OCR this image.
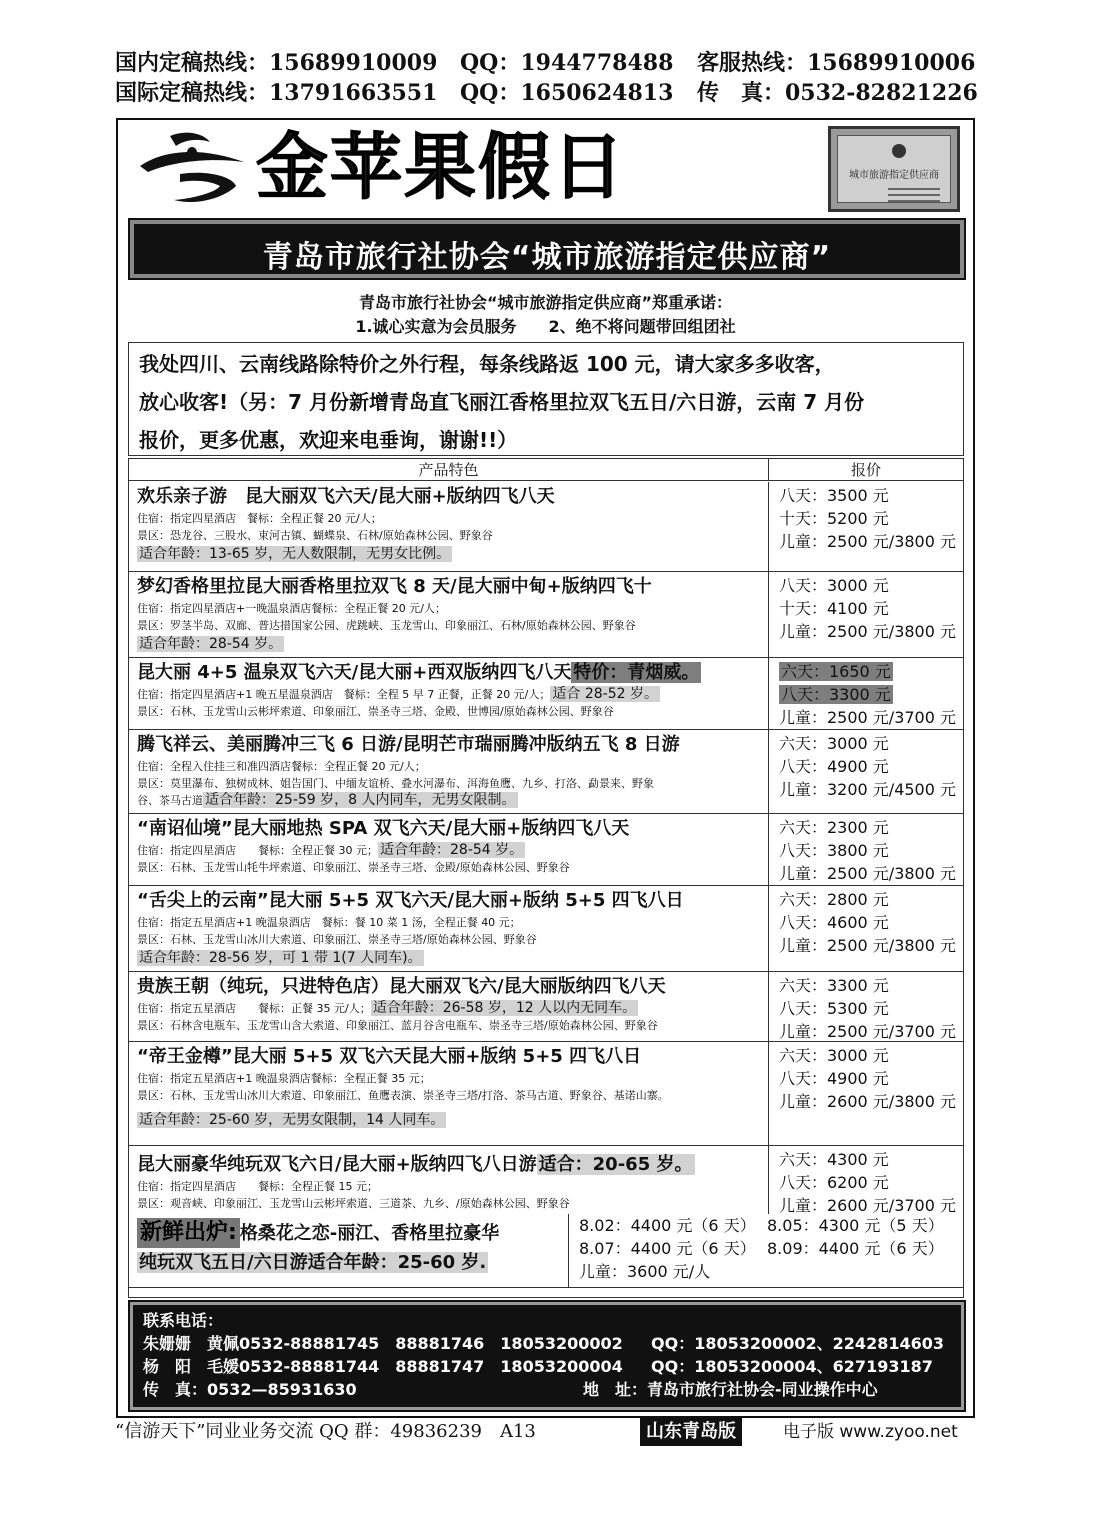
国内定稿热线：15689910009 QQ：1944778488 客服热线：15689910006
国际定稿热线：13791663551 QQ：1650624813 传　真：0532-82821226
金苹果假日	城市旅游指定供应商
青岛市旅行社协会“城市旅游指定供应商”
青岛市旅行社协会“城市旅游指定供应商”郑重承诺：
1.诚心实意为会员服务　　2、绝不将问题带回组团社
我处四川、云南线路除特价之外行程，每条线路返 100 元，请大家多多收客，
放心收客!（另：7 月份新增青岛直飞丽江香格里拉双飞五日/六日游，云南 7 月份
报价，更多优惠，欢迎来电垂询，谢谢!!）
产品特色	报价
欢乐亲子游　昆大丽双飞六天/昆大丽+版纳四飞八天
住宿：指定四星酒店　餐标：全程正餐 20 元/人；
景区：恐龙谷、三股水、束河古镇、蝴蝶泉、石林/原始森林公园、野象谷
适合年龄：13-65 岁，无人数限制，无男女比例。
八天：3500 元
十天：5200 元
儿童：2500 元/3800 元
梦幻香格里拉昆大丽香格里拉双飞 8 天/昆大丽中甸+版纳四飞十
住宿：指定四星酒店+一晚温泉酒店餐标：全程正餐 20 元/人；
景区：罗茎半岛、双廊、普达措国家公园、虎跳峡、玉龙雪山、印象丽江、石林/原始森林公园、野象谷
适合年龄：28-54 岁。
八天：3000 元
十天：4100 元
儿童：2500 元/3800 元
昆大丽 4+5 温泉双飞六天/昆大丽+西双版纳四飞八天 特价：青烟威。
住宿：指定四星酒店+1 晚五星温泉酒店　餐标：全程 5 早 7 正餐，正餐 20 元/人； 适合 28-52 岁。
景区：石林、玉龙雪山云彬坪索道、印象丽江、崇圣寺三塔、金殿、世博园/原始森林公园、野象谷
六天：1650 元
八天：3300 元
儿童：2500 元/3700 元
腾飞祥云、美丽腾冲三飞 6 日游/昆明芒市瑞丽腾冲版纳五飞 8 日游
住宿：全程入住挂三和准四酒店餐标：全程正餐 20 元/人；
景区：莫里瀑布、独树成林、姐告国门、中缅友谊桥、叠水河瀑布、洱海鱼鹰、九乡、打洛、勐景来、野象
谷、茶马古道 适合年龄：25-59 岁，8 人内同车，无男女限制。
六天：3000 元
八天：4900 元
儿童：3200 元/4500 元
“南诏仙境”昆大丽地热 SPA 双飞六天/昆大丽+版纳四飞八天
住宿：指定四星酒店　　餐标：全程正餐 30 元； 适合年龄：28-54 岁。
景区：石林、玉龙雪山牦牛坪索道、印象丽江、崇圣寺三塔、金殿/原始森林公园、野象谷
六天：2300 元
八天：3800 元
儿童：2500 元/3800 元
“舌尖上的云南”昆大丽 5+5 双飞六天/昆大丽+版纳 5+5 四飞八日
住宿：指定五星酒店+1 晚温泉酒店　餐标：餐 10 菜 1 汤，全程正餐 40 元；
景区：石林、玉龙雪山冰川大索道、印象丽江、崇圣寺三塔/原始森林公园、野象谷
适合年龄：28-56 岁，可 1 带 1(7 人同车)。
六天：2800 元
八天：4600 元
儿童：2500 元/3800 元
贵族王朝（纯玩，只进特色店）昆大丽双飞六/昆大丽版纳四飞八天
住宿：指定五星酒店　　餐标：正餐 35 元/人； 适合年龄：26-58 岁，12 人以内无同车。
景区：石林含电瓶车、玉龙雪山含大索道、印象丽江、蓝月谷含电瓶车、崇圣寺三塔/原始森林公园、野象谷
六天：3300 元
八天：5300 元
儿童：2500 元/3700 元
“帝王金樽”昆大丽 5+5 双飞六天昆大丽+版纳 5+5 四飞八日
住宿：指定五星酒店+1 晚温泉酒店餐标：全程正餐 35 元；
景区：石林、玉龙雪山冰川大索道、印象丽江、鱼鹰表演、崇圣寺三塔/打洛、茶马古道、野象谷、基诺山寨。
适合年龄：25-60 岁，无男女限制，14 人同车。
六天：3000 元
八天：4900 元
儿童：2600 元/3800 元
昆大丽豪华纯玩双飞六日/昆大丽+版纳四飞八日游 适合：20-65 岁。
住宿：指定四星酒店　　餐标：全程正餐 15 元；
景区：观音峡、印象丽江、玉龙雪山云彬坪索道、三道茶、九乡、/原始森林公园、野象谷
六天：4300 元
八天：6200 元
儿童：2600 元/3700 元
新鲜出炉: 格桑花之恋-丽江、香格里拉豪华
纯玩双飞五日/六日游适合年龄：25-60 岁.
8.02：4400 元（6 天） 8.05：4300 元（5 天）
8.07：4400 元（6 天） 8.09：4400 元（6 天）
儿童：3600 元/人
联系电话：
朱姗姗　黄佩0532-88881745　88881746　18053200002 QQ：18053200002、2242814603
杨　阳　毛媛0532-88881744　88881747　18053200004 QQ：18053200004、627193187
传　真：0532—85931630	地　址：青岛市旅行社协会-同业操作中心
“信游天下”同业业务交流 QQ 群：49836239　A13	山东青岛版	电子版 www.zyoo.net
